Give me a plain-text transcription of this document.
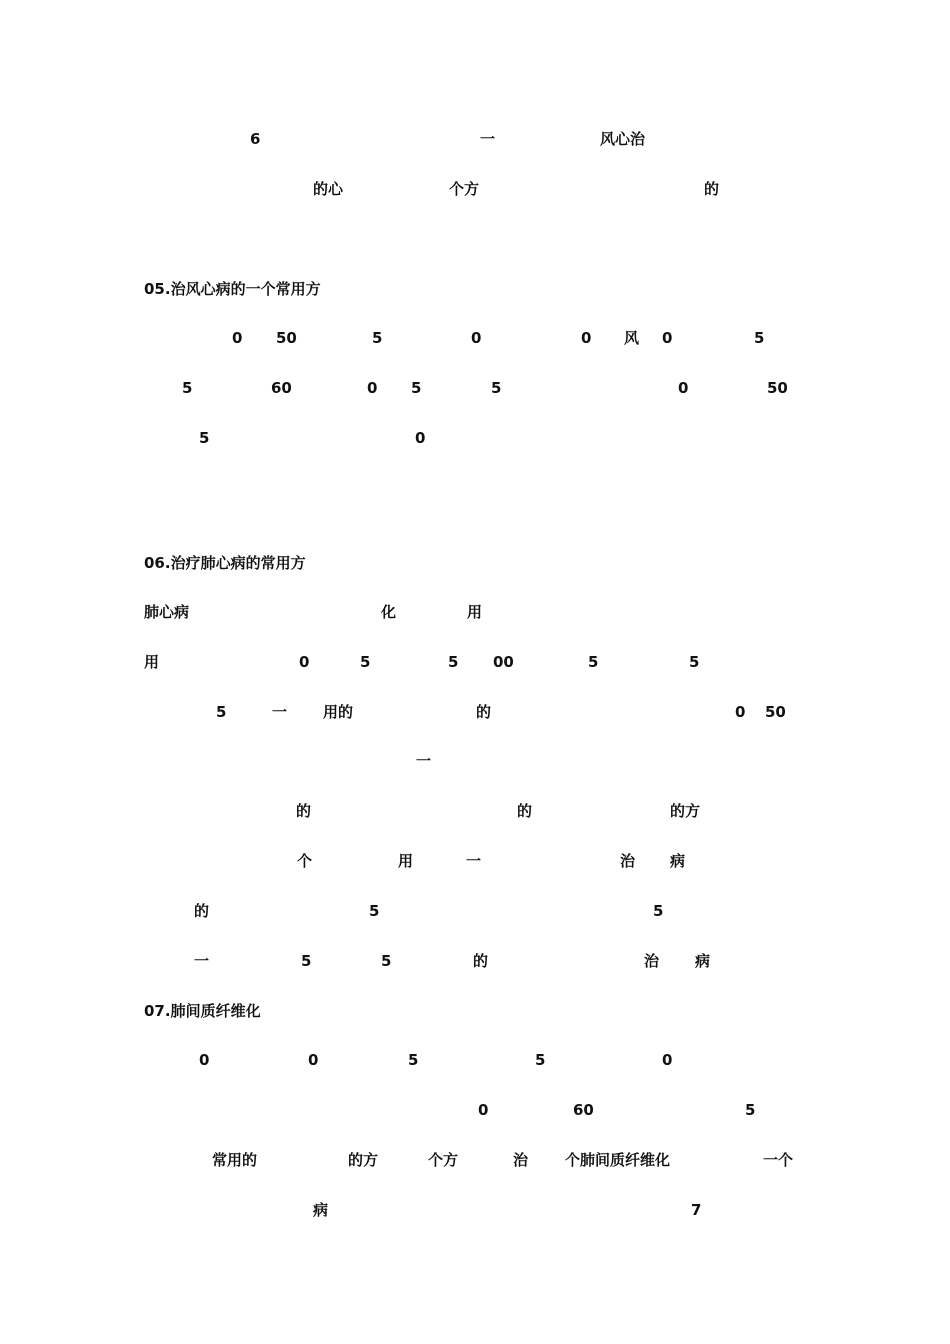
6	一	风心治
的心	个方	的
05.治风心病的一个常用方
0 50	5	0	0 风 0	5
5	60	0 5	5	0	50
5	0
06.治疗肺心病的常用方
肺心病	化	用
用	0	5	5 00	5	5
5	一 用的	的	0 50
一
的	的	的方
个	用	一	治 病
的	5	5
一	5	5	的	治 病
07.肺间质纤维化
0	0	5	5	0
0	60	5
常用的	的方	个方	治 个肺间质纤维化	一个
病	7
